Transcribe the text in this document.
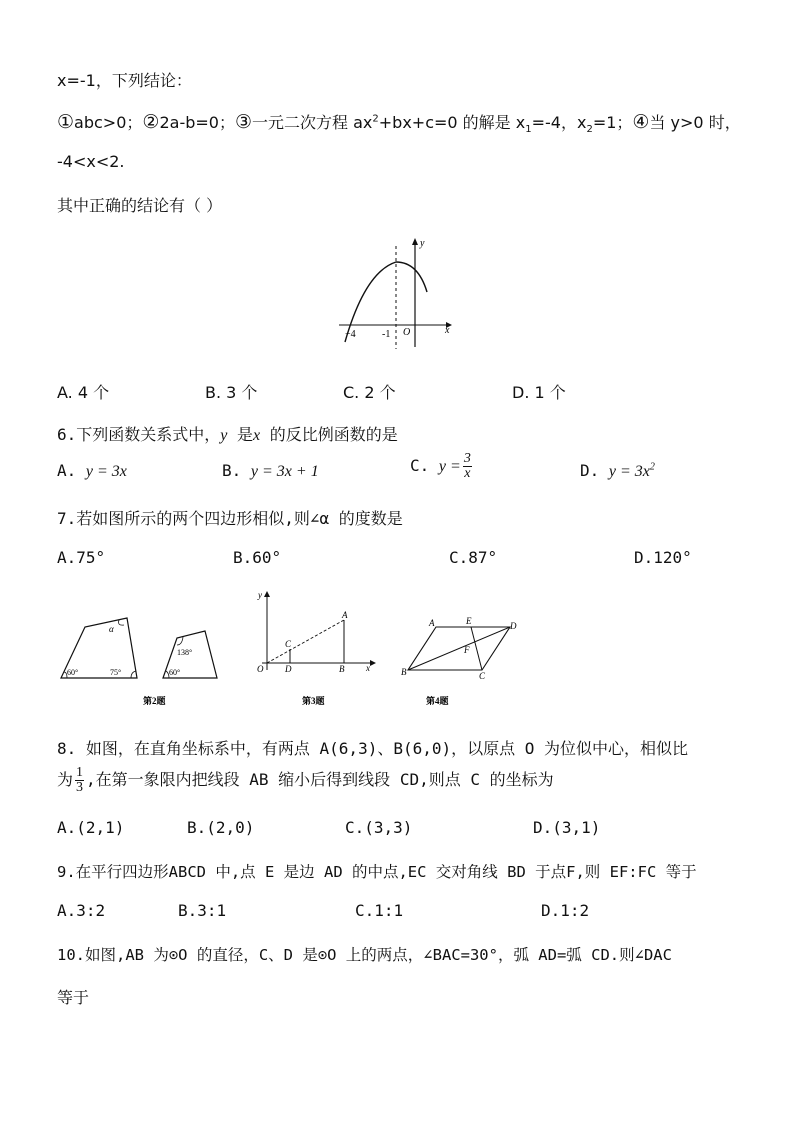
x=-1，下列结论：
①abc>0；②2a-b=0；③一元二次方程 $ax^2+bx+c=0$ 的解是 $x_1=-4$，$x_2=1$；④当 y>0 时，
-4<x<2.
其中正确的结论有（ ）
y
x
O
−4	-1
A. 4 个	B. 3 个	C. 2 个	D. 1 个
6.下列函数关系式中，y 是x 的反比例函数的是
A. y = 3x	B. y = 3x + 1	C. $y = \frac{3}{x}$	D. $y = 3x^2$
7.若如图所示的两个四边形相似,则∠α 的度数是
A.75°	B.60°	C.87°	D.120°
α
60°	75°
138°
60°
第2题
y
x
O
A
B
C
D
第3题
A	E	D
F
B	C
第4题
8. 如图，在直角坐标系中，有两点 A(6,3)、B(6,0)，以原点 O 为位似中心，相似比
为 $\frac{1}{3}$ ,在第一象限内把线段 AB 缩小后得到线段 CD,则点 C 的坐标为
A.(2,1)	B.(2,0)	C.(3,3)	D.(3,1)
9.在平行四边形ABCD 中,点 E 是边 AD 的中点,EC 交对角线 BD 于点F,则 EF:FC 等于
A.3:2	B.3:1	C.1:1	D.1:2
10.如图,AB 为⊙O 的直径，C、D 是⊙O 上的两点，∠BAC=30°，弧 AD=弧 CD.则∠DAC
等于
